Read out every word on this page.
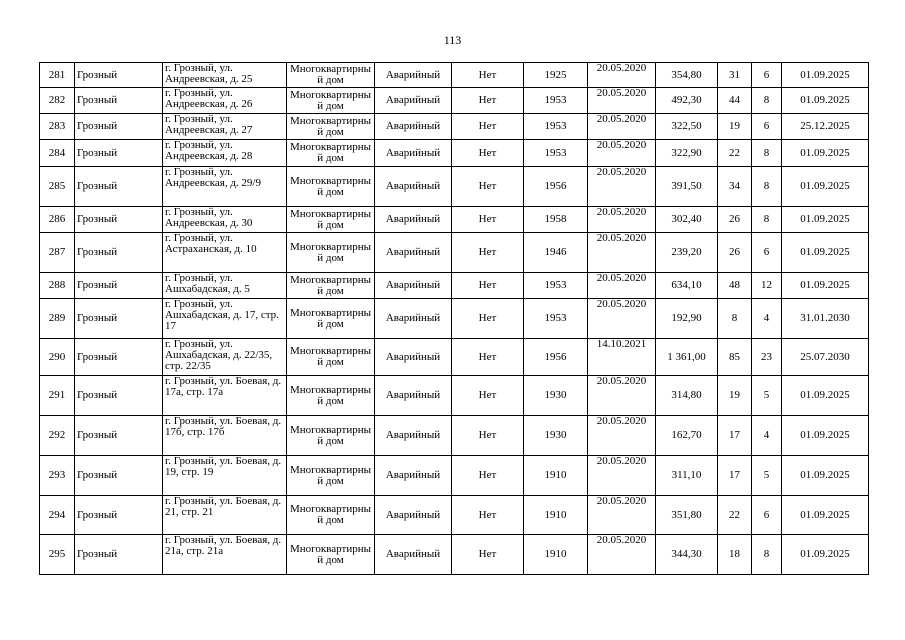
113
281	Грозный	г. Грозный, ул. Андреевская, д. 25	Многоквартирный дом	Аварийный	Нет	1925	20.05.2020	354,80	31	6	01.09.2025
282	Грозный	г. Грозный, ул. Андреевская, д. 26	Многоквартирный дом	Аварийный	Нет	1953	20.05.2020	492,30	44	8	01.09.2025
283	Грозный	г. Грозный, ул. Андреевская, д. 27	Многоквартирный дом	Аварийный	Нет	1953	20.05.2020	322,50	19	6	25.12.2025
284	Грозный	г. Грозный, ул. Андреевская, д. 28	Многоквартирный дом	Аварийный	Нет	1953	20.05.2020	322,90	22	8	01.09.2025
285	Грозный	г. Грозный, ул. Андреевская, д. 29/9	Многоквартирный дом	Аварийный	Нет	1956	20.05.2020	391,50	34	8	01.09.2025
286	Грозный	г. Грозный, ул. Андреевская, д. 30	Многоквартирный дом	Аварийный	Нет	1958	20.05.2020	302,40	26	8	01.09.2025
287	Грозный	г. Грозный, ул. Астраханская, д. 10	Многоквартирный дом	Аварийный	Нет	1946	20.05.2020	239,20	26	6	01.09.2025
288	Грозный	г. Грозный, ул. Ашхабадская, д. 5	Многоквартирный дом	Аварийный	Нет	1953	20.05.2020	634,10	48	12	01.09.2025
289	Грозный	г. Грозный, ул. Ашхабадская, д. 17, стр. 17	Многоквартирный дом	Аварийный	Нет	1953	20.05.2020	192,90	8	4	31.01.2030
290	Грозный	г. Грозный, ул. Ашхабадская, д. 22/35, стр. 22/35	Многоквартирный дом	Аварийный	Нет	1956	14.10.2021	1 361,00	85	23	25.07.2030
291	Грозный	г. Грозный, ул. Боевая, д. 17а, стр. 17а	Многоквартирный дом	Аварийный	Нет	1930	20.05.2020	314,80	19	5	01.09.2025
292	Грозный	г. Грозный, ул. Боевая, д. 17б, стр. 17б	Многоквартирный дом	Аварийный	Нет	1930	20.05.2020	162,70	17	4	01.09.2025
293	Грозный	г. Грозный, ул. Боевая, д. 19, стр. 19	Многоквартирный дом	Аварийный	Нет	1910	20.05.2020	311,10	17	5	01.09.2025
294	Грозный	г. Грозный, ул. Боевая, д. 21, стр. 21	Многоквартирный дом	Аварийный	Нет	1910	20.05.2020	351,80	22	6	01.09.2025
295	Грозный	г. Грозный, ул. Боевая, д. 21а, стр. 21а	Многоквартирный дом	Аварийный	Нет	1910	20.05.2020	344,30	18	8	01.09.2025
